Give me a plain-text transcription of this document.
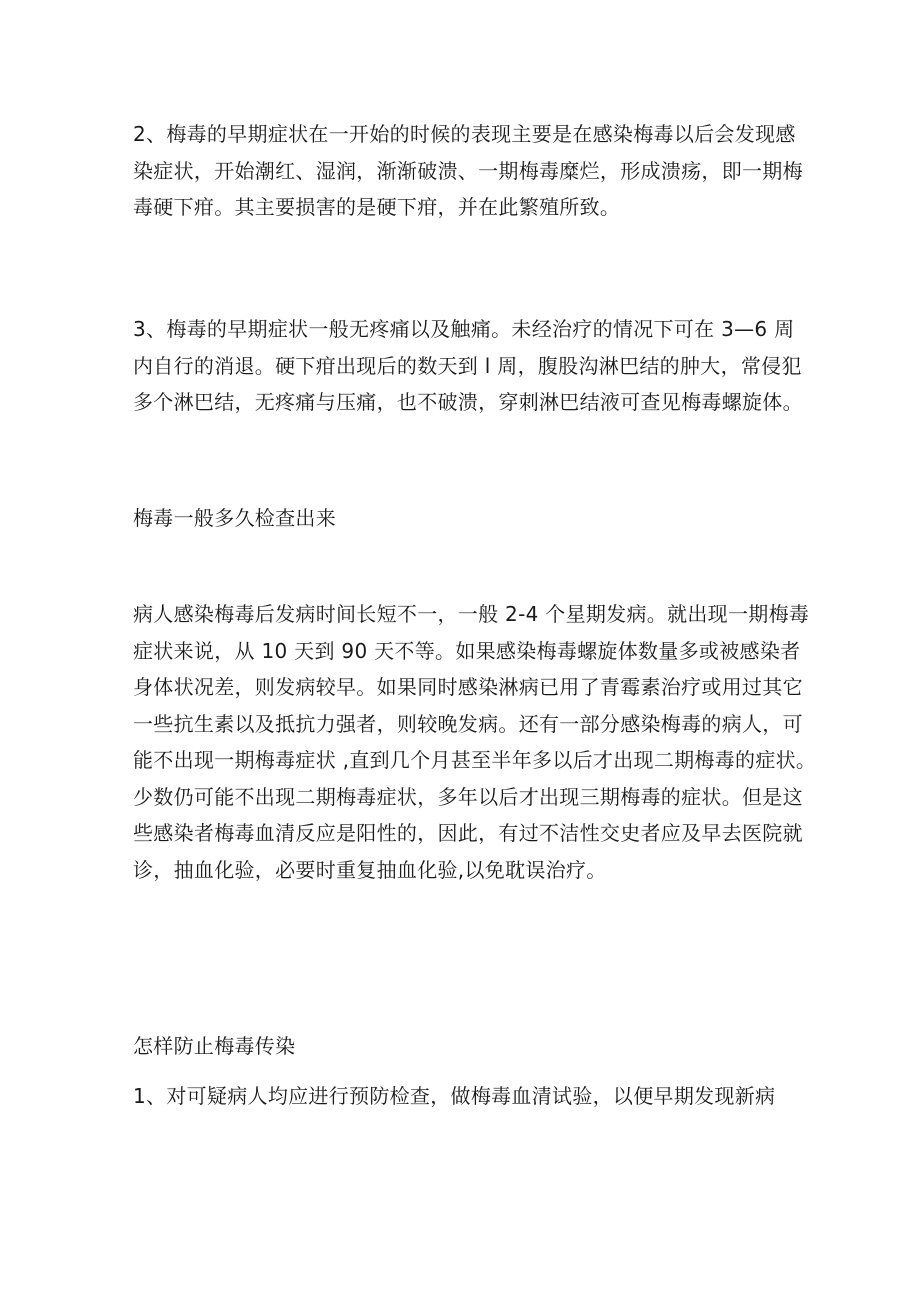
2、梅毒的早期症状在一开始的时候的表现主要是在感染梅毒以后会发现感
染症状，开始潮红、湿润，渐渐破溃、一期梅毒糜烂，形成溃疡，即一期梅
毒硬下疳。其主要损害的是硬下疳，并在此繁殖所致。
3、梅毒的早期症状一般无疼痛以及触痛。未经治疗的情况下可在 3—6 周
内自行的消退。硬下疳出现后的数天到 l 周，腹股沟淋巴结的肿大，常侵犯
多个淋巴结，无疼痛与压痛，也不破溃，穿刺淋巴结液可查见梅毒螺旋体。
梅毒一般多久检查出来
病人感染梅毒后发病时间长短不一，一般 2-4 个星期发病。就出现一期梅毒
症状来说，从 10 天到 90 天不等。如果感染梅毒螺旋体数量多或被感染者
身体状况差，则发病较早。如果同时感染淋病已用了青霉素治疗或用过其它
一些抗生素以及抵抗力强者，则较晚发病。还有一部分感染梅毒的病人，可
能不出现一期梅毒症状 ,直到几个月甚至半年多以后才出现二期梅毒的症状。
少数仍可能不出现二期梅毒症状，多年以后才出现三期梅毒的症状。但是这
些感染者梅毒血清反应是阳性的，因此，有过不洁性交史者应及早去医院就
诊，抽血化验，必要时重复抽血化验,以免耽误治疗。
怎样防止梅毒传染
1、对可疑病人均应进行预防检查，做梅毒血清试验，以便早期发现新病
